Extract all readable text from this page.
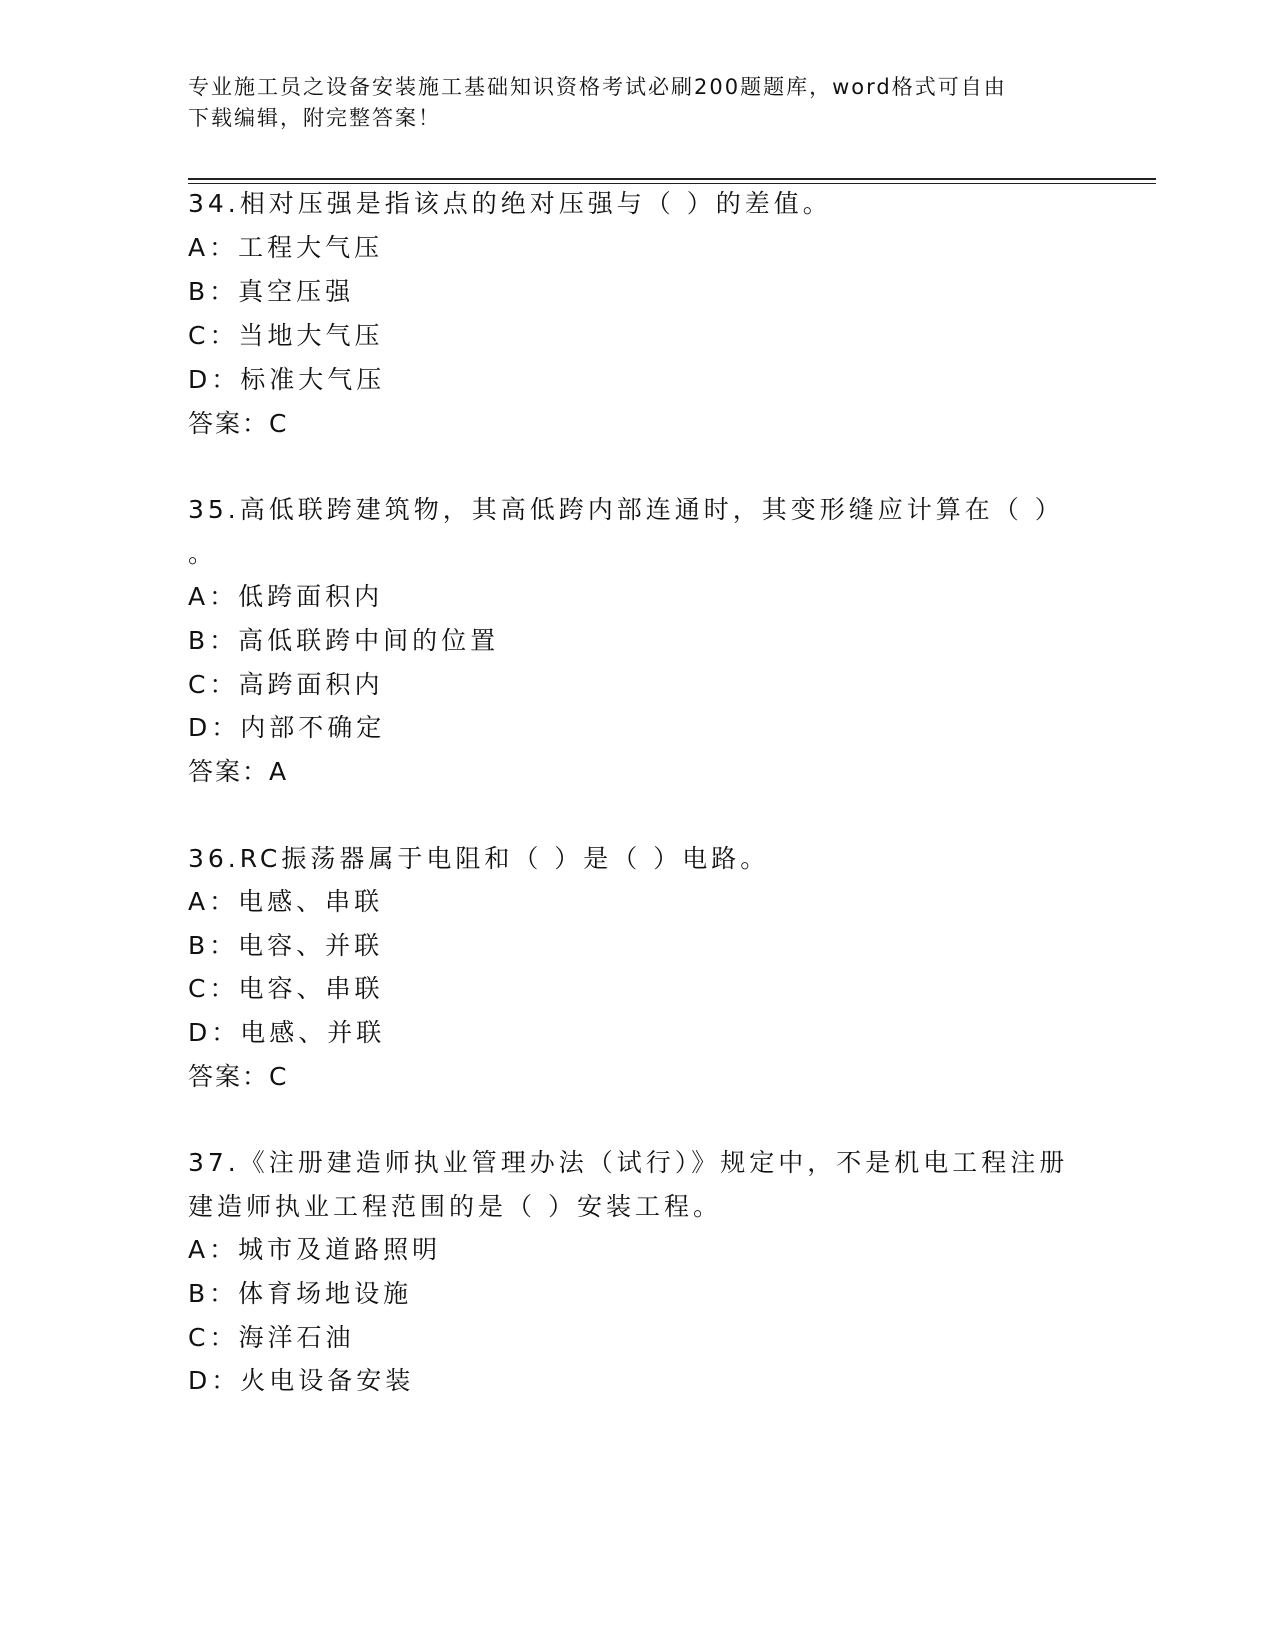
专业施工员之设备安装施工基础知识资格考试必刷200题题库，word格式可自由
下载编辑，附完整答案！
34.相对压强是指该点的绝对压强与（ ）的差值。
A：工程大气压
B：真空压强
C：当地大气压
D：标准大气压
答案：C
35.高低联跨建筑物，其高低跨内部连通时，其变形缝应计算在（ ）
。
A：低跨面积内
B：高低联跨中间的位置
C：高跨面积内
D：内部不确定
答案：A
36.RC振荡器属于电阻和（ ）是（ ）电路。
A：电感、串联
B：电容、并联
C：电容、串联
D：电感、并联
答案：C
37.《注册建造师执业管理办法（试行）》规定中，不是机电工程注册
建造师执业工程范围的是（ ）安装工程。
A：城市及道路照明
B：体育场地设施
C：海洋石油
D：火电设备安装
